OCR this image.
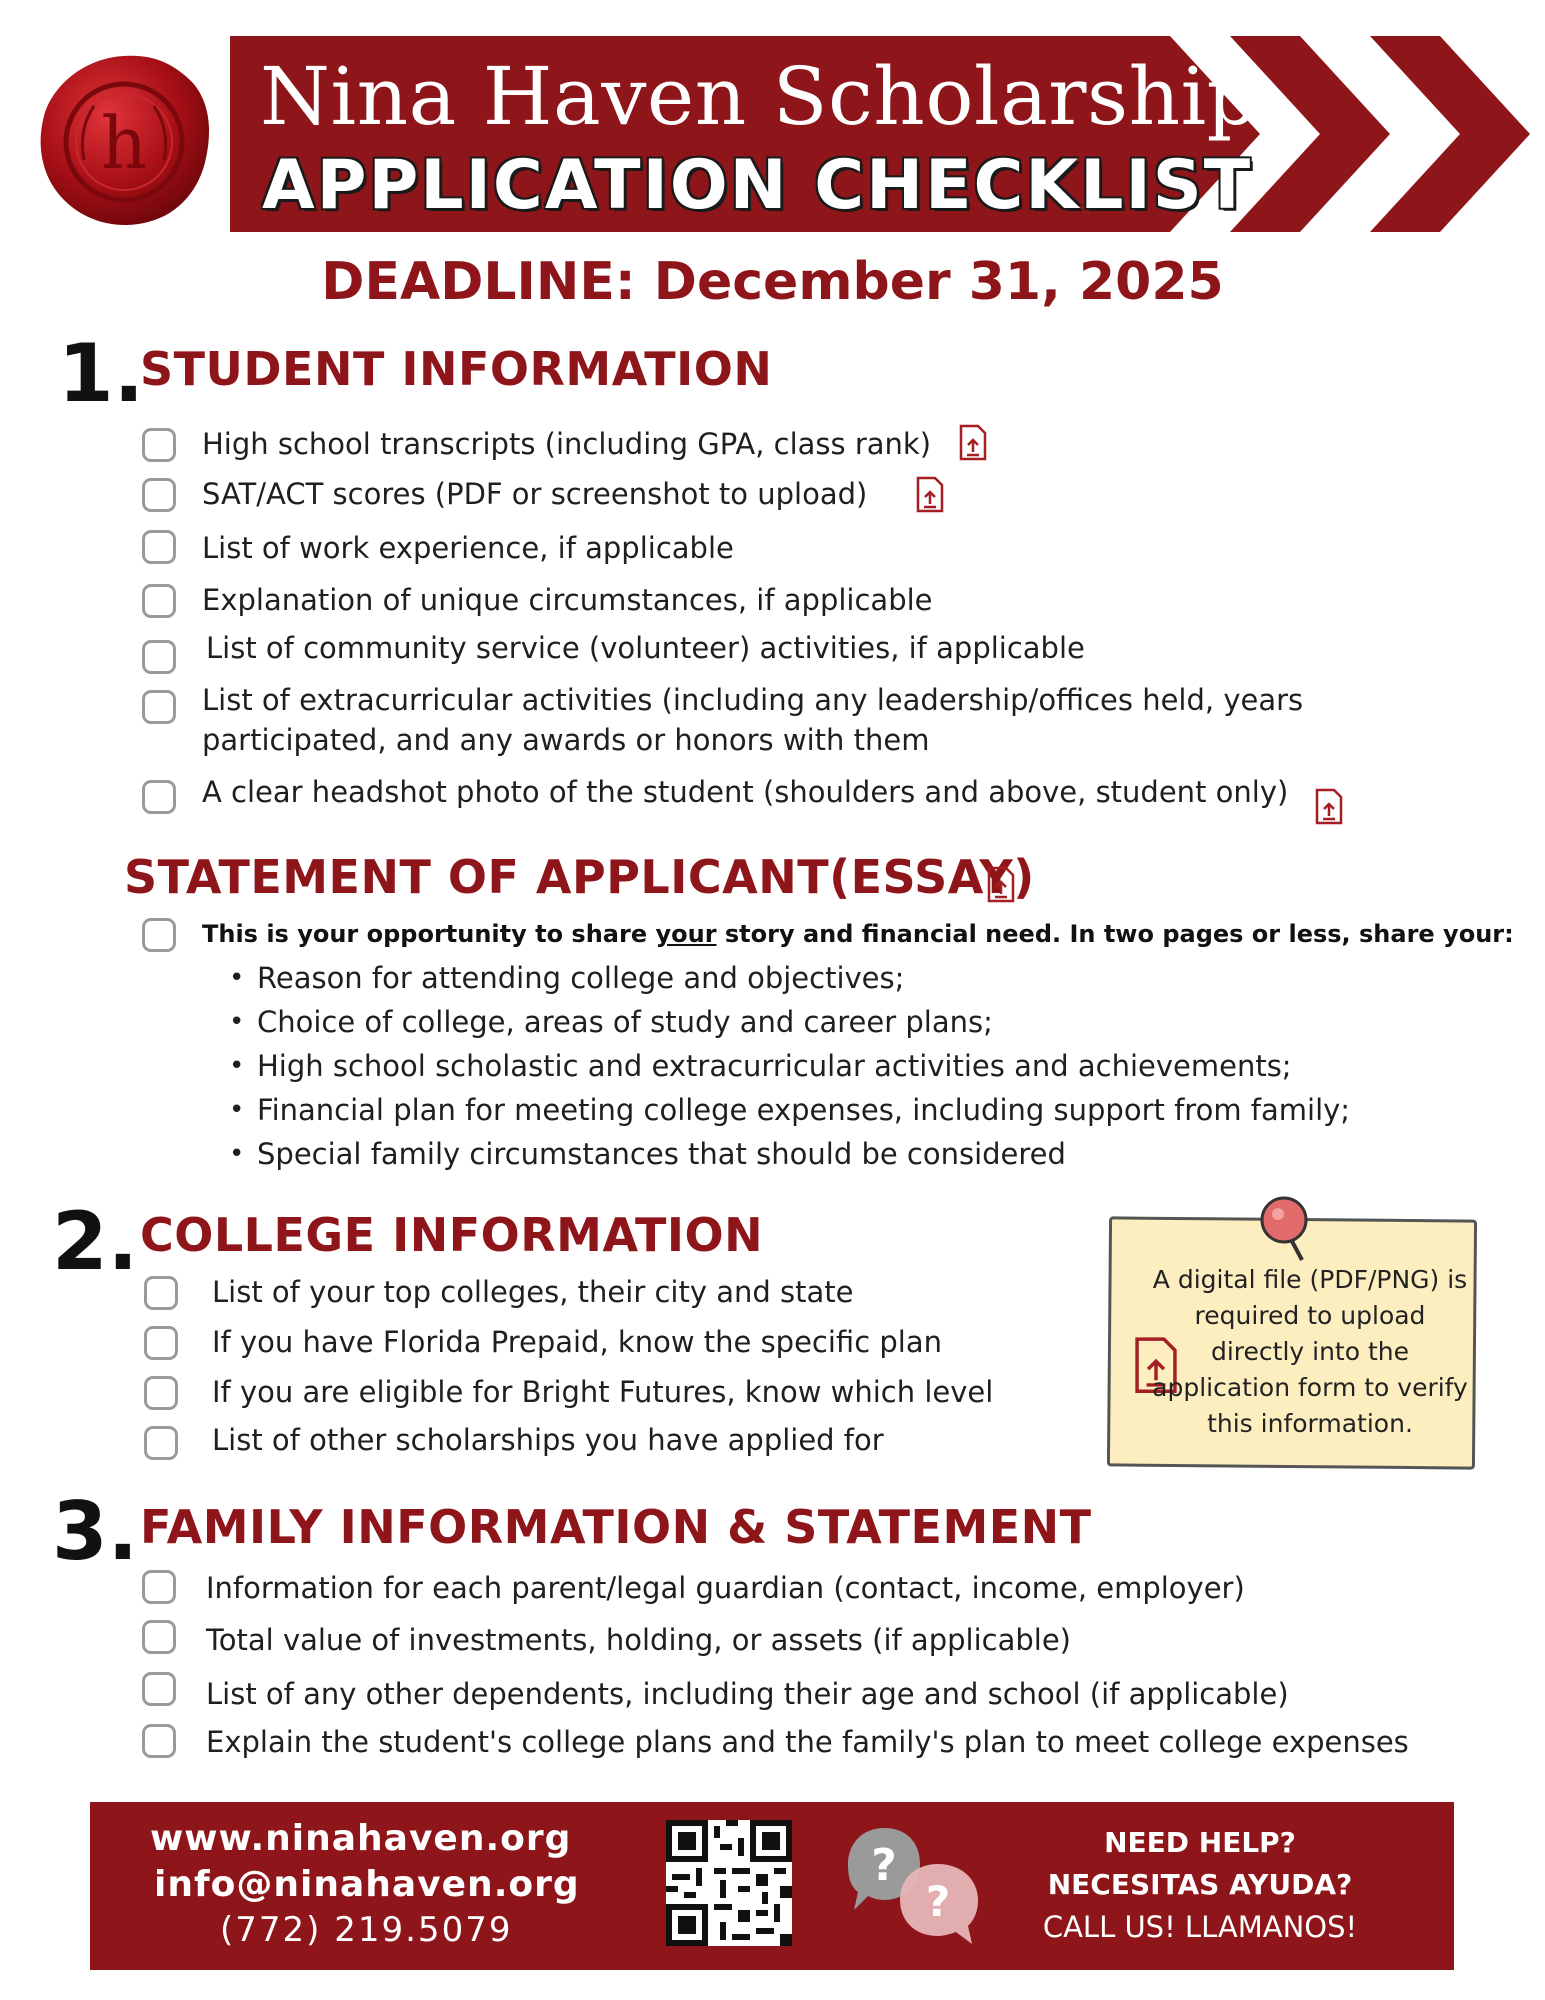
h Nina Haven Scholarship
APPLICATION CHECKLIST
DEADLINE: December 31, 2025
1.
STUDENT INFORMATION
High school transcripts (including GPA, class rank)
SAT/ACT scores (PDF or screenshot to upload)
List of work experience, if applicable
Explanation of unique circumstances, if applicable
List of community service (volunteer) activities, if applicable
List of extracurricular activities (including any leadership/offices held, years participated, and any awards or honors with them
A clear headshot photo of the student (shoulders and above, student only)
STATEMENT OF APPLICANT(ESSAY)
This is your opportunity to share your story and financial need. In two pages or less, share your:
• Reason for attending college and objectives;
• Choice of college, areas of study and career plans;
• High school scholastic and extracurricular activities and achievements;
• Financial plan for meeting college expenses, including support from family;
• Special family circumstances that should be considered
2. COLLEGE INFORMATION
List of your top colleges, their city and state
If you have Florida Prepaid, know the specific plan
If you are eligible for Bright Futures, know which level
List of other scholarships you have applied for
A digital file (PDF/PNG) is required to upload directly into the application form to verify this information.
3. FAMILY INFORMATION & STATEMENT
Information for each parent/legal guardian (contact, income, employer)
Total value of investments, holding, or assets (if applicable)
List of any other dependents, including their age and school (if applicable)
Explain the student's college plans and the family's plan to meet college expenses
www.ninahaven.org
info@ninahaven.org
(772) 219.5079
?
?
NEED HELP?
NECESITAS AYUDA?
CALL US! LLAMANOS!
